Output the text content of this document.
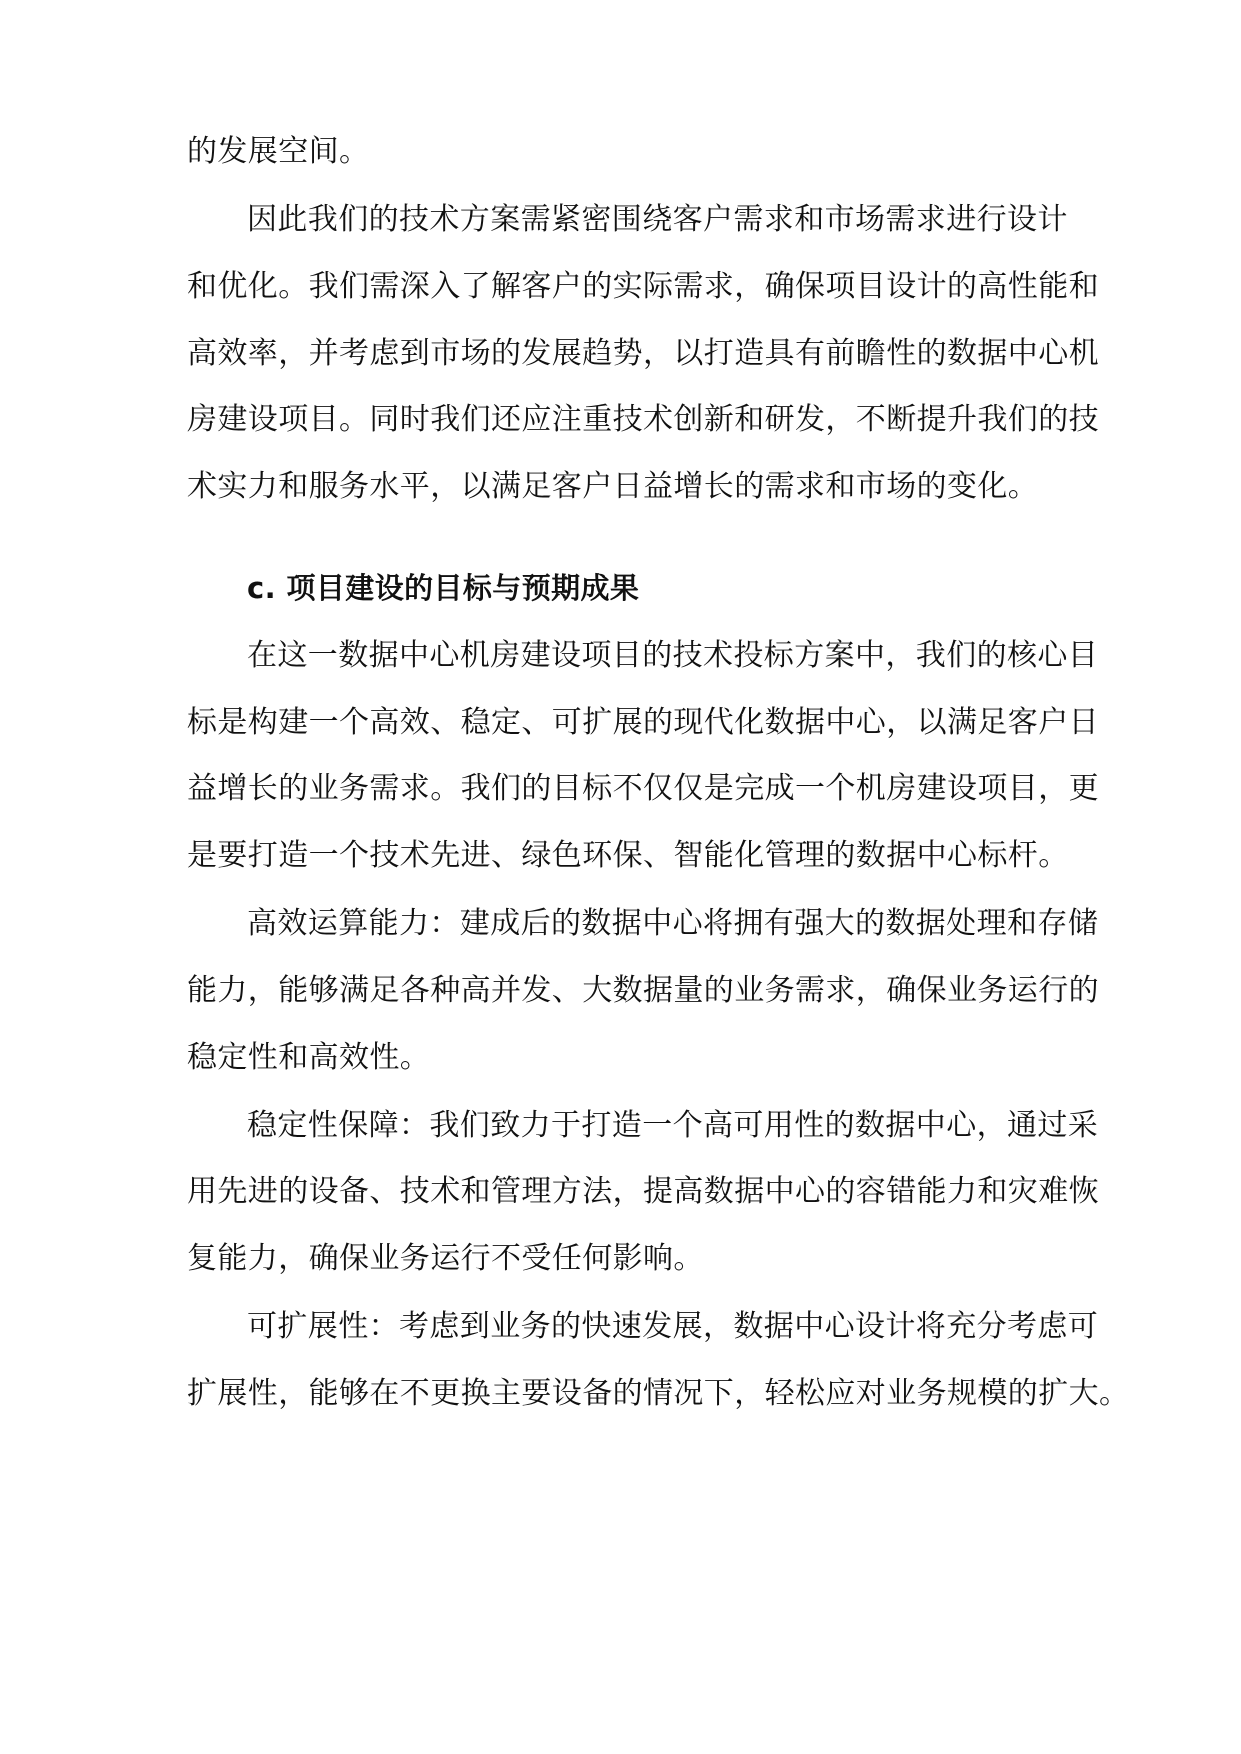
的发展空间。
因此我们的技术方案需紧密围绕客户需求和市场需求进行设计
和优化。我们需深入了解客户的实际需求，确保项目设计的高性能和
高效率，并考虑到市场的发展趋势，以打造具有前瞻性的数据中心机
房建设项目。同时我们还应注重技术创新和研发，不断提升我们的技
术实力和服务水平，以满足客户日益增长的需求和市场的变化。
c. 项目建设的目标与预期成果
在这一数据中心机房建设项目的技术投标方案中，我们的核心目
标是构建一个高效、稳定、可扩展的现代化数据中心，以满足客户日
益增长的业务需求。我们的目标不仅仅是完成一个机房建设项目，更
是要打造一个技术先进、绿色环保、智能化管理的数据中心标杆。
高效运算能力：建成后的数据中心将拥有强大的数据处理和存储
能力，能够满足各种高并发、大数据量的业务需求，确保业务运行的
稳定性和高效性。
稳定性保障：我们致力于打造一个高可用性的数据中心，通过采
用先进的设备、技术和管理方法，提高数据中心的容错能力和灾难恢
复能力，确保业务运行不受任何影响。
可扩展性：考虑到业务的快速发展，数据中心设计将充分考虑可
扩展性，能够在不更换主要设备的情况下，轻松应对业务规模的扩大。
